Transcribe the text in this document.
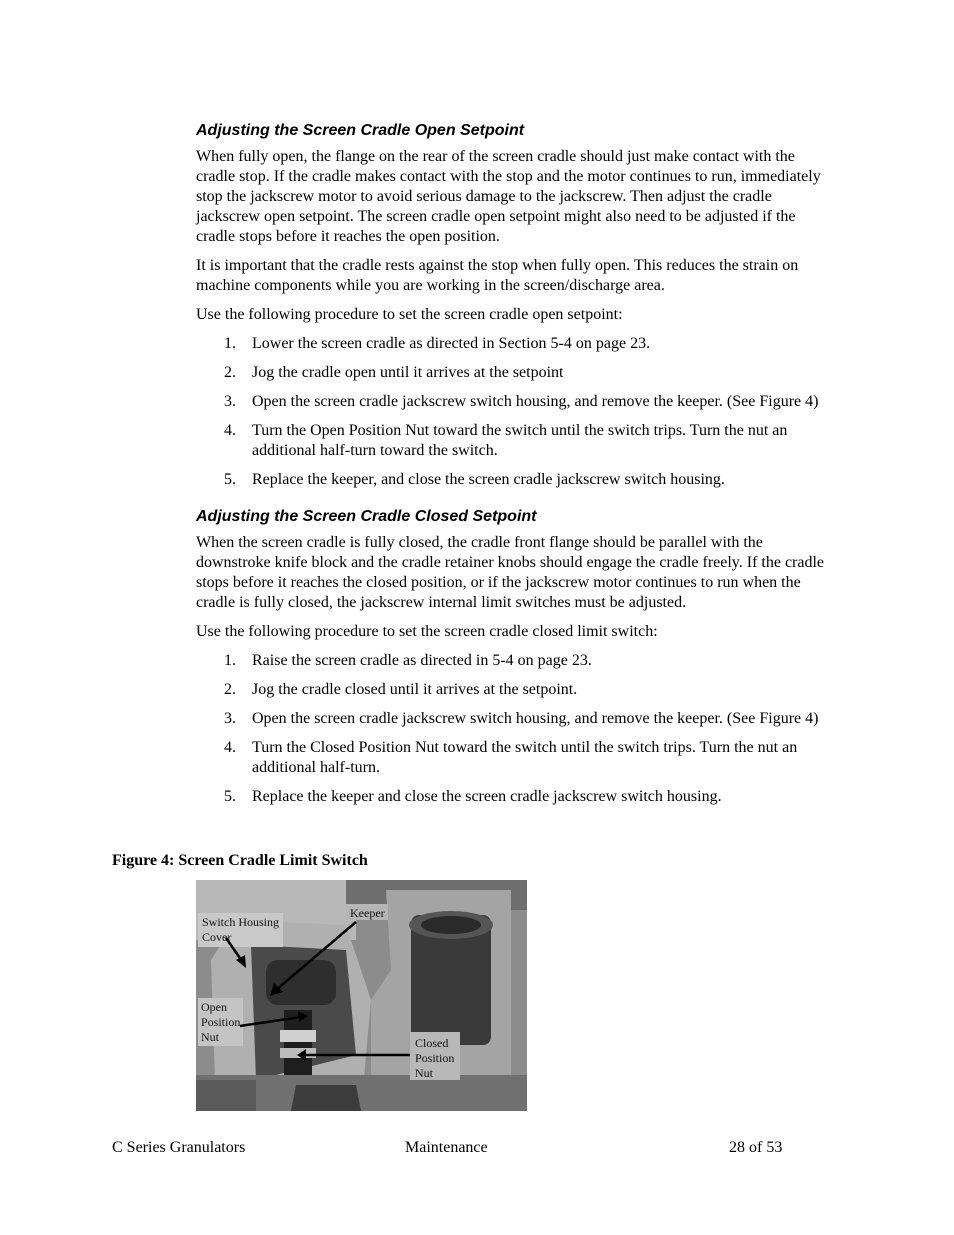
Adjusting the Screen Cradle Open Setpoint

When fully open, the flange on the rear of the screen cradle should just make contact with the cradle stop. If the cradle makes contact with the stop and the motor continues to run, immediately stop the jackscrew motor to avoid serious damage to the jackscrew. Then adjust the cradle jackscrew open setpoint. The screen cradle open setpoint might also need to be adjusted if the cradle stops before it reaches the open position.

It is important that the cradle rests against the stop when fully open. This reduces the strain on machine components while you are working in the screen/discharge area.

Use the following procedure to set the screen cradle open setpoint:

1.	Lower the screen cradle as directed in Section 5-4 on page 23.
2.	Jog the cradle open until it arrives at the setpoint
3.	Open the screen cradle jackscrew switch housing, and remove the keeper. (See Figure 4)
4.	Turn the Open Position Nut toward the switch until the switch trips. Turn the nut an additional half-turn toward the switch.
5.	Replace the keeper, and close the screen cradle jackscrew switch housing.
Adjusting the Screen Cradle Closed Setpoint

When the screen cradle is fully closed, the cradle front flange should be parallel with the downstroke knife block and the cradle retainer knobs should engage the cradle freely. If the cradle stops before it reaches the closed position, or if the jackscrew motor continues to run when the cradle is fully closed, the jackscrew internal limit switches must be adjusted.

Use the following procedure to set the screen cradle closed limit switch:

1.	Raise the screen cradle as directed in 5-4 on page 23.
2.	Jog the cradle closed until it arrives at the setpoint.
3.	Open the screen cradle jackscrew switch housing, and remove the keeper. (See Figure 4)
4.	Turn the Closed Position Nut toward the switch until the switch trips. Turn the nut an additional half-turn.
5.	Replace the keeper and close the screen cradle jackscrew switch housing.
Figure 4: Screen Cradle Limit Switch
Switch Housing
Cover
Keeper
Open
Position
Nut	Closed
Position
Nut
C Series Granulators	Maintenance	28 of 53
